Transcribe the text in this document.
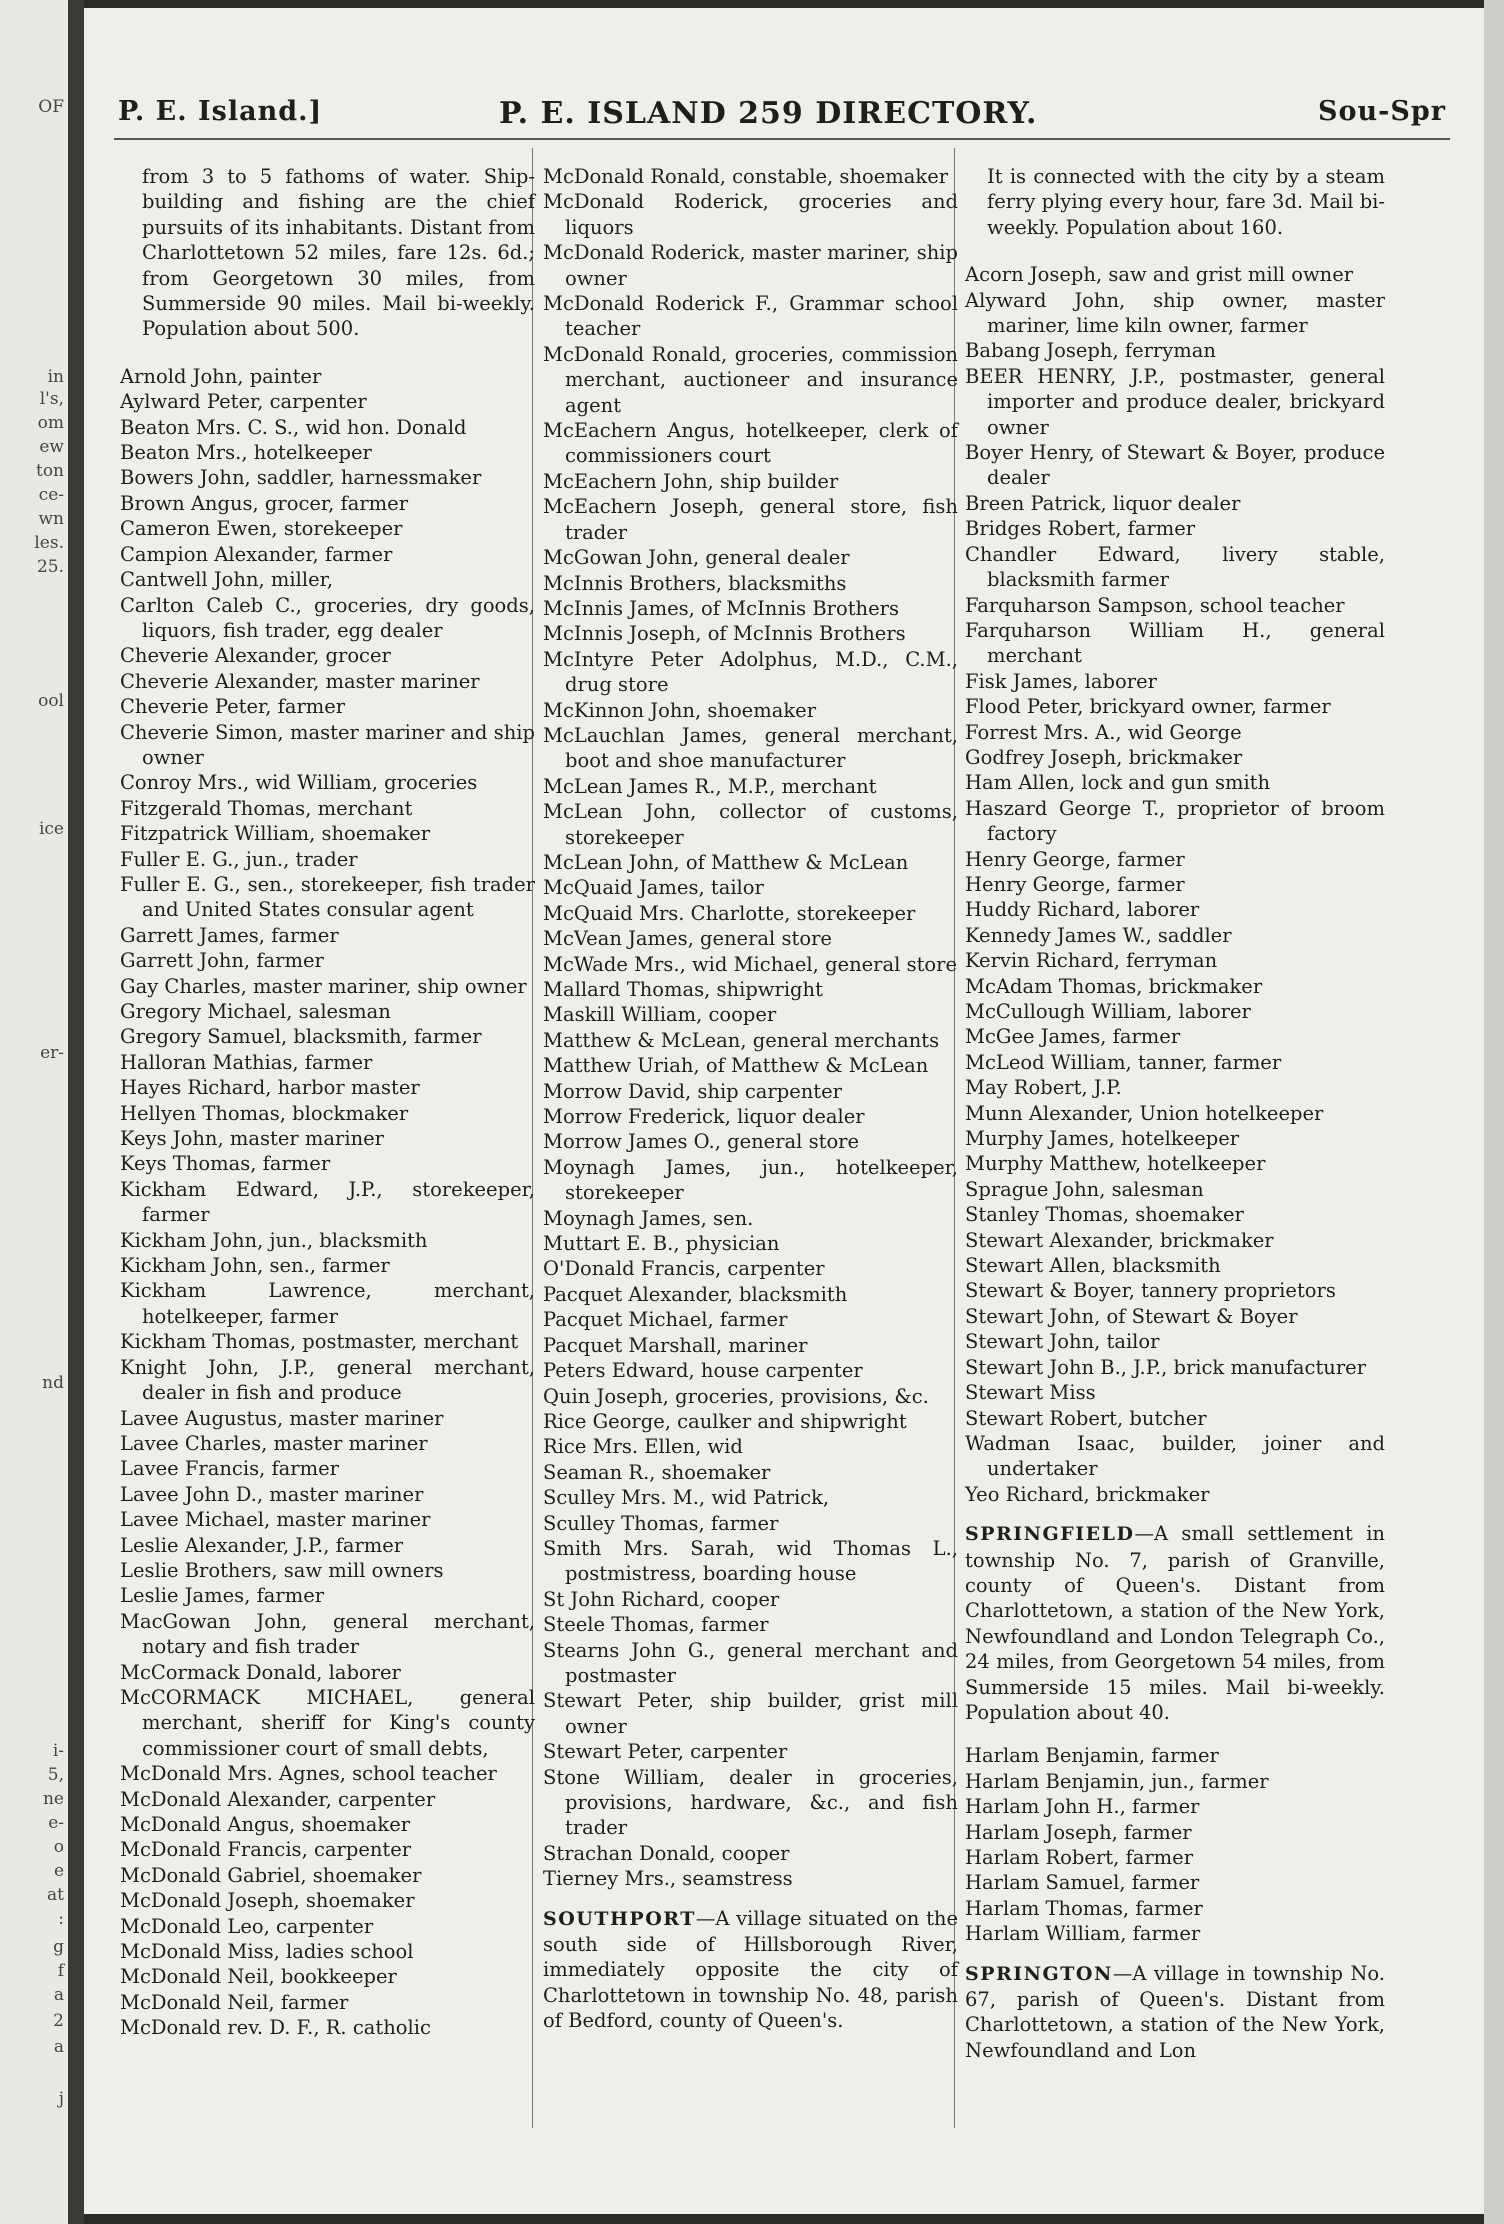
OF
in
l's,
om
ew
ton
ce-
wn
les.
25.
ool
ice
er-
nd
i-
5,
ne
e-
o
e
at
:
g
f
a
2
a
j
P. E. Island.]	P. E. ISLAND 259 DIRECTORY.	Sou-Spr

from 3 to 5 fathoms of water. Ship-building and fishing are the chief pursuits of its inhabitants. Distant from Charlottetown 52 miles, fare 12s. 6d.; from Georgetown 30 miles, from Summerside 90 miles. Mail bi-weekly. Population about 500.

Arnold John, painter

Aylward Peter, carpenter

Beaton Mrs. C. S., wid hon. Donald

Beaton Mrs., hotelkeeper

Bowers John, saddler, harnessmaker

Brown Angus, grocer, farmer

Cameron Ewen, storekeeper

Campion Alexander, farmer

Cantwell John, miller,

Carlton Caleb C., groceries, dry goods, liquors, fish trader, egg dealer

Cheverie Alexander, grocer

Cheverie Alexander, master mariner

Cheverie Peter, farmer

Cheverie Simon, master mariner and ship owner

Conroy Mrs., wid William, groceries

Fitzgerald Thomas, merchant

Fitzpatrick William, shoemaker

Fuller E. G., jun., trader

Fuller E. G., sen., storekeeper, fish trader and United States consular agent

Garrett James, farmer

Garrett John, farmer

Gay Charles, master mariner, ship owner

Gregory Michael, salesman

Gregory Samuel, blacksmith, farmer

Halloran Mathias, farmer

Hayes Richard, harbor master

Hellyen Thomas, blockmaker

Keys John, master mariner

Keys Thomas, farmer

Kickham Edward, J.P., storekeeper, farmer

Kickham John, jun., blacksmith

Kickham John, sen., farmer

Kickham Lawrence, merchant, hotelkeeper, farmer

Kickham Thomas, postmaster, merchant

Knight John, J.P., general merchant, dealer in fish and produce

Lavee Augustus, master mariner

Lavee Charles, master mariner

Lavee Francis, farmer

Lavee John D., master mariner

Lavee Michael, master mariner

Leslie Alexander, J.P., farmer

Leslie Brothers, saw mill owners

Leslie James, farmer

MacGowan John, general merchant, notary and fish trader

McCormack Donald, laborer

McCORMACK MICHAEL, general merchant, sheriff for King's county commissioner court of small debts,

McDonald Mrs. Agnes, school teacher

McDonald Alexander, carpenter

McDonald Angus, shoemaker

McDonald Francis, carpenter

McDonald Gabriel, shoemaker

McDonald Joseph, shoemaker

McDonald Leo, carpenter

McDonald Miss, ladies school

McDonald Neil, bookkeeper

McDonald Neil, farmer

McDonald rev. D. F., R. catholic

McDonald Ronald, constable, shoemaker

McDonald Roderick, groceries and liquors

McDonald Roderick, master mariner, ship owner

McDonald Roderick F., Grammar school teacher

McDonald Ronald, groceries, commission merchant, auctioneer and insurance agent

McEachern Angus, hotelkeeper, clerk of commissioners court

McEachern John, ship builder

McEachern Joseph, general store, fish trader

McGowan John, general dealer

McInnis Brothers, blacksmiths

McInnis James, of McInnis Brothers

McInnis Joseph, of McInnis Brothers

McIntyre Peter Adolphus, M.D., C.M., drug store

McKinnon John, shoemaker

McLauchlan James, general merchant, boot and shoe manufacturer

McLean James R., M.P., merchant

McLean John, collector of customs, storekeeper

McLean John, of Matthew & McLean

McQuaid James, tailor

McQuaid Mrs. Charlotte, storekeeper

McVean James, general store

McWade Mrs., wid Michael, general store

Mallard Thomas, shipwright

Maskill William, cooper

Matthew & McLean, general merchants

Matthew Uriah, of Matthew & McLean

Morrow David, ship carpenter

Morrow Frederick, liquor dealer

Morrow James O., general store

Moynagh James, jun., hotelkeeper, storekeeper

Moynagh James, sen.

Muttart E. B., physician

O'Donald Francis, carpenter

Pacquet Alexander, blacksmith

Pacquet Michael, farmer

Pacquet Marshall, mariner

Peters Edward, house carpenter

Quin Joseph, groceries, provisions, &c.

Rice George, caulker and shipwright

Rice Mrs. Ellen, wid

Seaman R., shoemaker

Sculley Mrs. M., wid Patrick,

Sculley Thomas, farmer

Smith Mrs. Sarah, wid Thomas L., postmistress, boarding house

St John Richard, cooper

Steele Thomas, farmer

Stearns John G., general merchant and postmaster

Stewart Peter, ship builder, grist mill owner

Stewart Peter, carpenter

Stone William, dealer in groceries, provisions, hardware, &c., and fish trader

Strachan Donald, cooper

Tierney Mrs., seamstress

SOUTHPORT—A village situated on the south side of Hillsborough River, immediately opposite the city of Charlottetown in township No. 48, parish of Bedford, county of Queen's.

It is connected with the city by a steam ferry plying every hour, fare 3d. Mail bi-weekly. Population about 160.

Acorn Joseph, saw and grist mill owner

Alyward John, ship owner, master mariner, lime kiln owner, farmer

Babang Joseph, ferryman

BEER HENRY, J.P., postmaster, general importer and produce dealer, brickyard owner

Boyer Henry, of Stewart & Boyer, produce dealer

Breen Patrick, liquor dealer

Bridges Robert, farmer

Chandler Edward, livery stable, blacksmith farmer

Farquharson Sampson, school teacher

Farquharson William H., general merchant

Fisk James, laborer

Flood Peter, brickyard owner, farmer

Forrest Mrs. A., wid George

Godfrey Joseph, brickmaker

Ham Allen, lock and gun smith

Haszard George T., proprietor of broom factory

Henry George, farmer

Henry George, farmer

Huddy Richard, laborer

Kennedy James W., saddler

Kervin Richard, ferryman

McAdam Thomas, brickmaker

McCullough William, laborer

McGee James, farmer

McLeod William, tanner, farmer

May Robert, J.P.

Munn Alexander, Union hotelkeeper

Murphy James, hotelkeeper

Murphy Matthew, hotelkeeper

Sprague John, salesman

Stanley Thomas, shoemaker

Stewart Alexander, brickmaker

Stewart Allen, blacksmith

Stewart & Boyer, tannery proprietors

Stewart John, of Stewart & Boyer

Stewart John, tailor

Stewart John B., J.P., brick manufacturer

Stewart Miss

Stewart Robert, butcher

Wadman Isaac, builder, joiner and undertaker

Yeo Richard, brickmaker

SPRINGFIELD—A small settlement in township No. 7, parish of Granville, county of Queen's. Distant from Charlottetown, a station of the New York, Newfoundland and London Telegraph Co., 24 miles, from Georgetown 54 miles, from Summerside 15 miles. Mail bi-weekly. Population about 40.

Harlam Benjamin, farmer

Harlam Benjamin, jun., farmer

Harlam John H., farmer

Harlam Joseph, farmer

Harlam Robert, farmer

Harlam Samuel, farmer

Harlam Thomas, farmer

Harlam William, farmer

SPRINGTON—A village in township No. 67, parish of Queen's. Distant from Charlottetown, a station of the New York, Newfoundland and Lon
